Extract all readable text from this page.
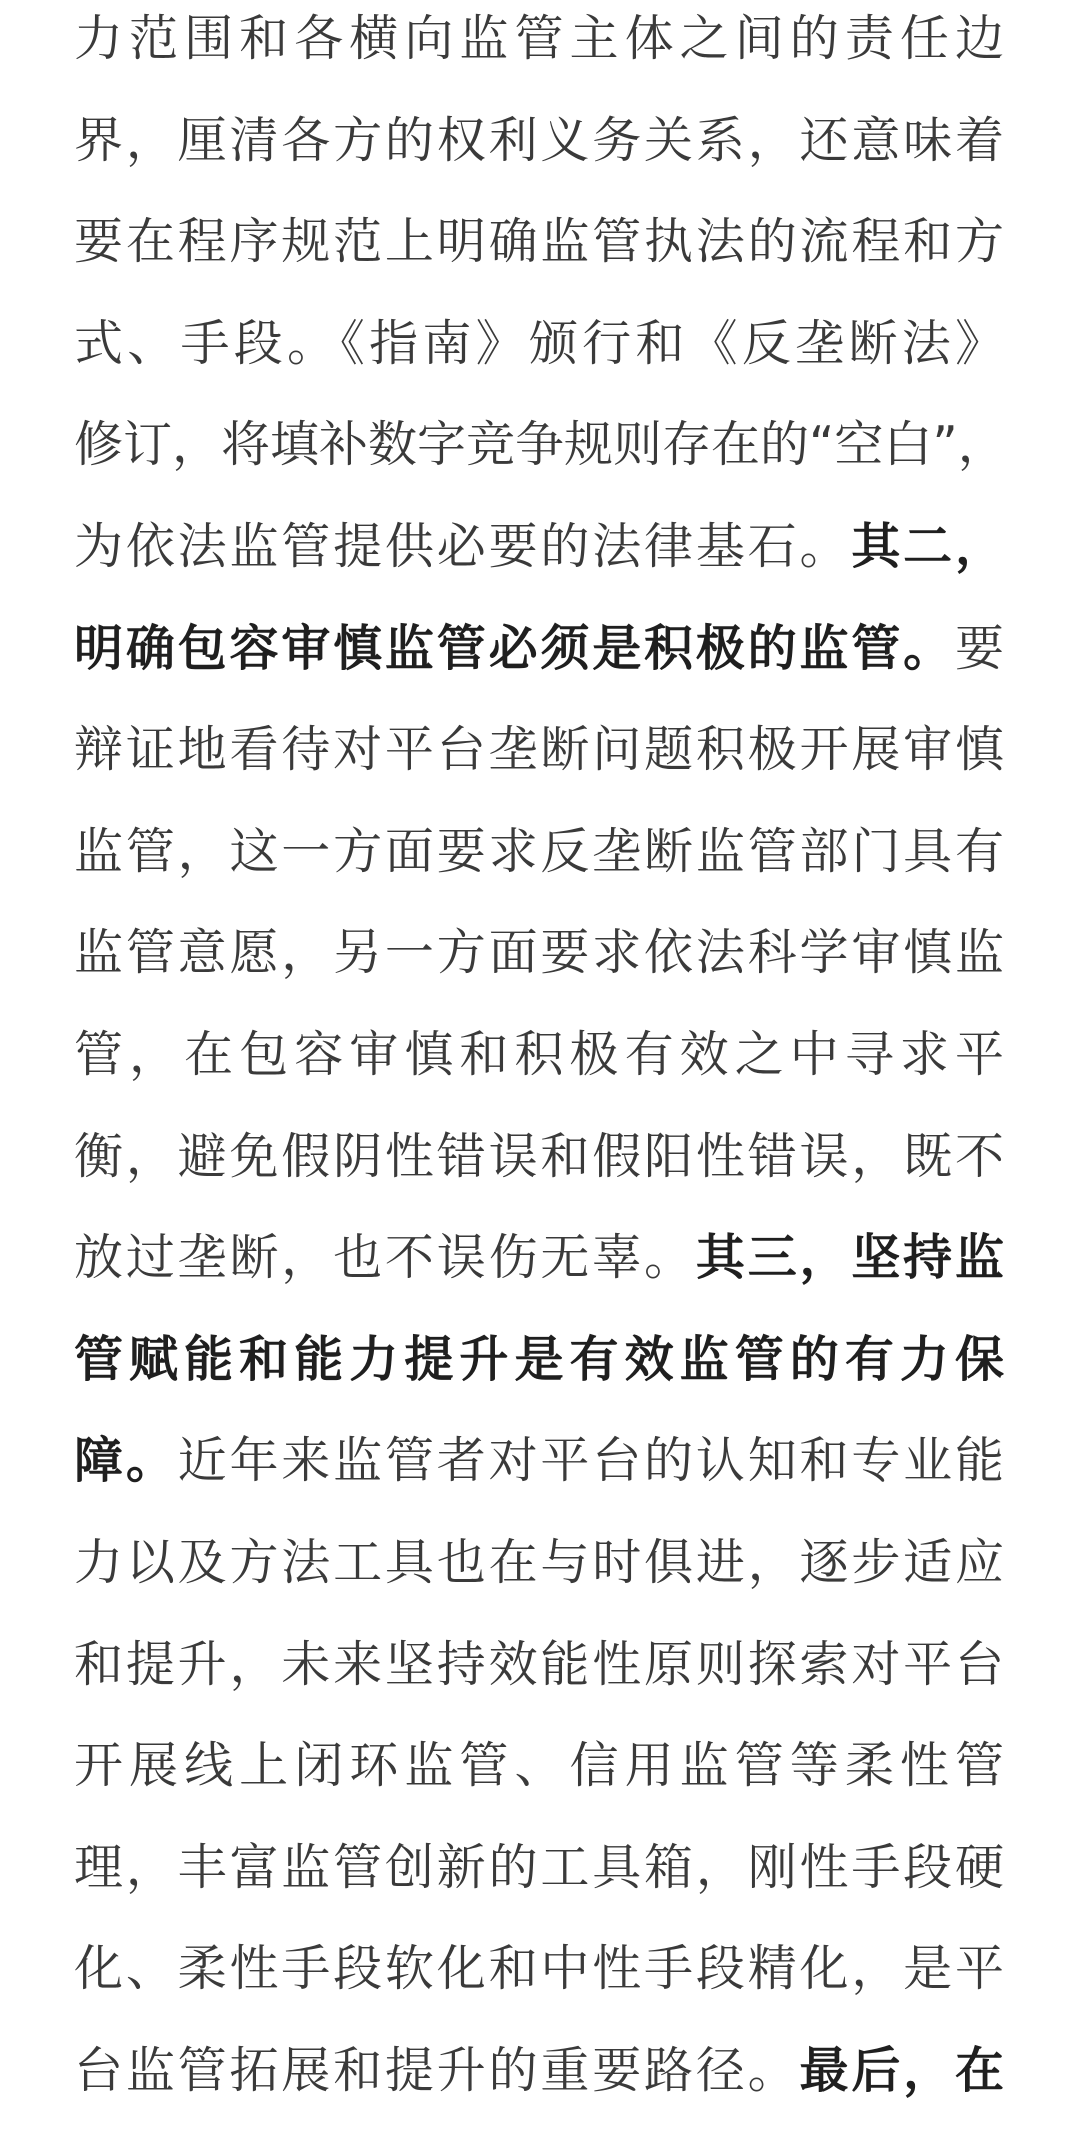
力范围和各横向监管主体之间的责任边
界，厘清各方的权利义务关系，还意味着
要在程序规范上明确监管执法的流程和方
式、手段。《指南》颁行和《反垄断法》
修订，将填补数字竞争规则存在的“空白”，
为依法监管提供必要的法律基石。其二，
明确包容审慎监管必须是积极的监管。要
辩证地看待对平台垄断问题积极开展审慎
监管，这一方面要求反垄断监管部门具有
监管意愿，另一方面要求依法科学审慎监
管，在包容审慎和积极有效之中寻求平
衡，避免假阴性错误和假阳性错误，既不
放过垄断，也不误伤无辜。其三，坚持监
管赋能和能力提升是有效监管的有力保
障。近年来监管者对平台的认知和专业能
力以及方法工具也在与时俱进，逐步适应
和提升，未来坚持效能性原则探索对平台
开展线上闭环监管、信用监管等柔性管
理，丰富监管创新的工具箱，刚性手段硬
化、柔性手段软化和中性手段精化，是平
台监管拓展和提升的重要路径。最后，在
